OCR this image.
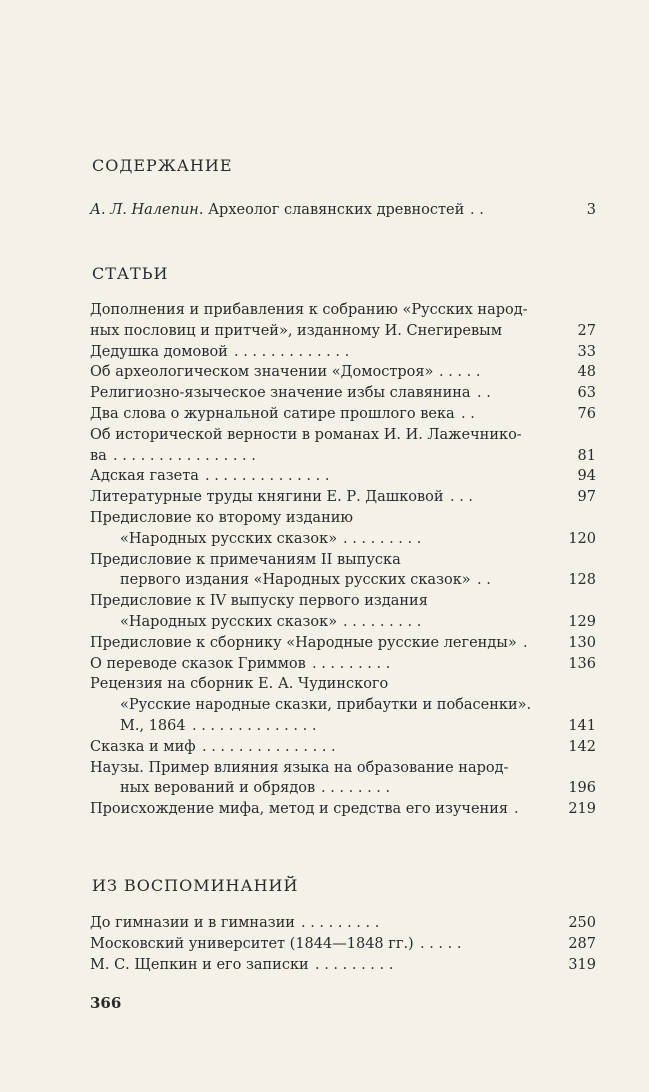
СОДЕРЖАНИЕ
А. Л. Налепин. Археолог славянских древностей . .	3
СТАТЬИ
Дополнения и прибавления к собранию «Русских народ-
ных пословиц и притчей», изданному И. Снегиревым	27
Дедушка домовой . . . . . . . . . . . . .	33
Об археологическом значении «Домостроя» . . . . .	48
Религиозно-языческое значение избы славянина . .	63
Два слова о журнальной сатире прошлого века . .	76
Об исторической верности в романах И. И. Лажечнико-
ва . . . . . . . . . . . . . . . .	81
Адская газета . . . . . . . . . . . . . .	94
Литературные труды княгини Е. Р. Дашковой . . .	97
Предисловие ко второму изданию
«Народных русских сказок» . . . . . . . . .	120
Предисловие к примечаниям II выпуска
первого издания «Народных русских сказок» . .	128
Предисловие к IV выпуску первого издания
«Народных русских сказок» . . . . . . . . .	129
Предисловие к сборнику «Народные русские легенды» .	130
О переводе сказок Гриммов . . . . . . . . .	136
Рецензия на сборник Е. А. Чудинского
«Русские народные сказки, прибаутки и побасенки».
М., 1864 . . . . . . . . . . . . . .	141
Сказка и миф . . . . . . . . . . . . . . .	142
Наузы. Пример влияния языка на образование народ-
ных верований и обрядов . . . . . . . .	196
Происхождение мифа, метод и средства его изучения .	219
ИЗ ВОСПОМИНАНИЙ
До гимназии и в гимназии . . . . . . . . .	250
Московский университет (1844—1848 гг.) . . . . .	287
М. С. Щепкин и его записки . . . . . . . . .	319
366
